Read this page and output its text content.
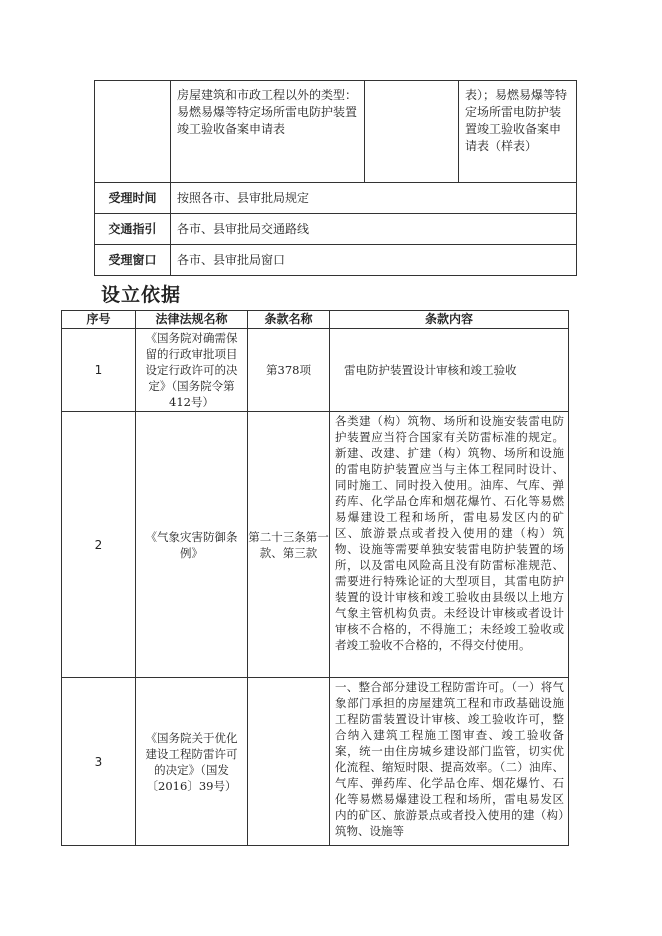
	房屋建筑和市政工程以外的类型：易燃易爆等特定场所雷电防护装置竣工验收备案申请表		表）；易燃易爆等特定场所雷电防护装置竣工验收备案申请表（样表）
受理时间	按照各市、县审批局规定		
交通指引	各市、县审批局交通路线		
受理窗口	各市、县审批局窗口		
设立依据
序号	法律法规名称	条款名称	条款内容
1	《国务院对确需保留的行政审批项目设定行政许可的决定》（国务院令第412号）	第378项	雷电防护装置设计审核和竣工验收
2	《气象灾害防御条例》	第二十三条第一款、第三款	各类建（构）筑物、场所和设施安装雷电防护装置应当符合国家有关防雷标准的规定。新建、改建、扩建（构）筑物、场所和设施的雷电防护装置应当与主体工程同时设计、同时施工、同时投入使用。油库、气库、弹药库、化学品仓库和烟花爆竹、石化等易燃易爆建设工程和场所，雷电易发区内的矿区、旅游景点或者投入使用的建（构）筑物、设施等需要单独安装雷电防护装置的场所，以及雷电风险高且没有防雷标准规范、需要进行特殊论证的大型项目，其雷电防护装置的设计审核和竣工验收由县级以上地方气象主管机构负责。未经设计审核或者设计审核不合格的，不得施工；未经竣工验收或者竣工验收不合格的，不得交付使用。
3	《国务院关于优化建设工程防雷许可的决定》（国发〔2016〕39号）		一、整合部分建设工程防雷许可。（一）将气象部门承担的房屋建筑工程和市政基础设施工程防雷装置设计审核、竣工验收许可，整合纳入建筑工程施工图审查、竣工验收备案，统一由住房城乡建设部门监管，切实优化流程、缩短时限、提高效率。（二）油库、气库、弹药库、化学品仓库、烟花爆竹、石化等易燃易爆建设工程和场所，雷电易发区内的矿区、旅游景点或者投入使用的建（构）筑物、设施等
